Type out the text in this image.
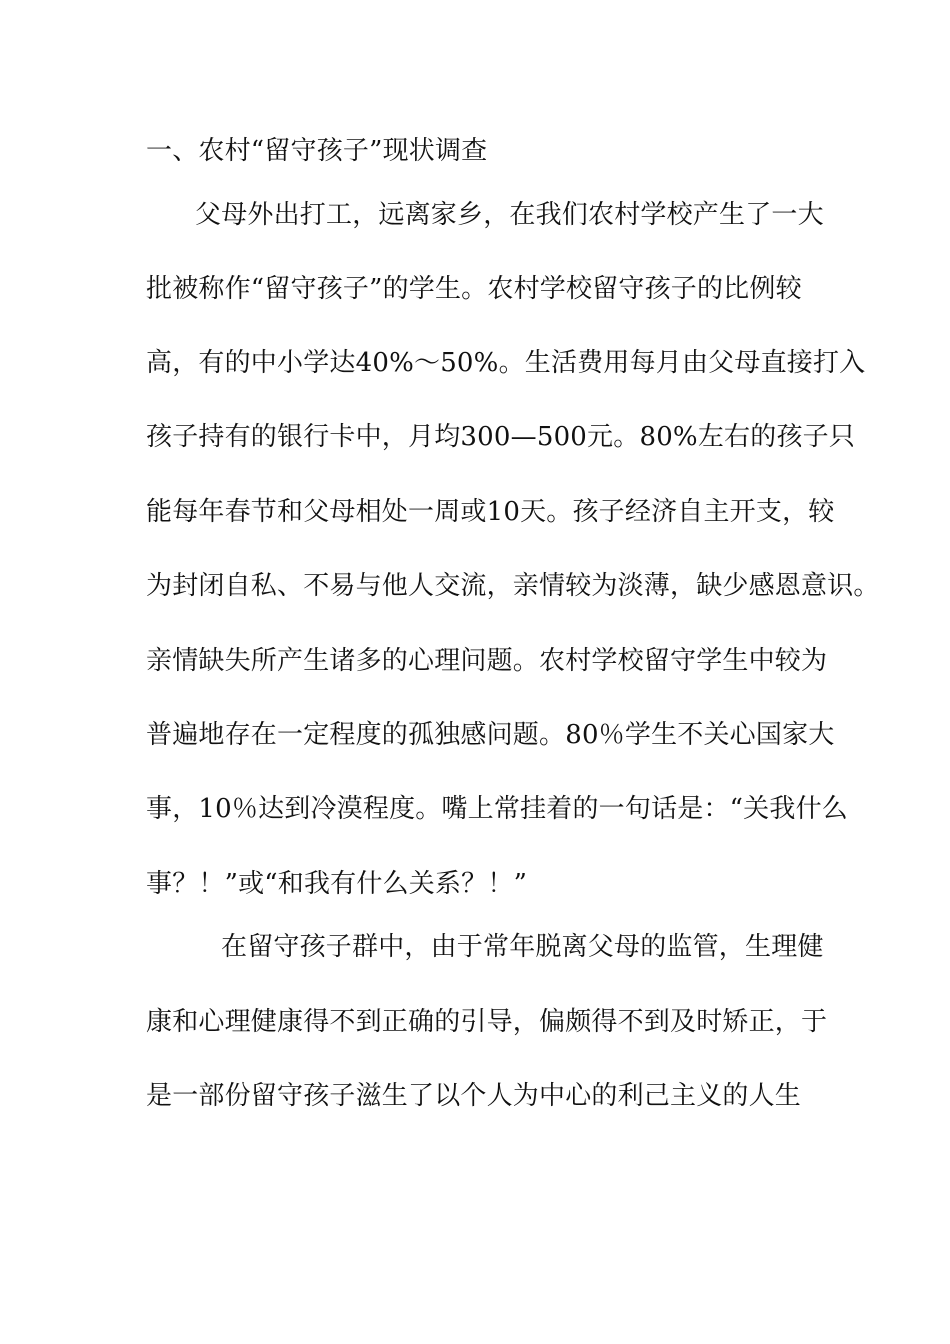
一、农村“留守孩子”现状调查
父母外出打工，远离家乡，在我们农村学校产生了一大
批被称作“留守孩子”的学生。农村学校留守孩子的比例较
高，有的中小学达40%～50%。生活费用每月由父母直接打入
孩子持有的银行卡中，月均300—500元。80%左右的孩子只
能每年春节和父母相处一周或10天。孩子经济自主开支，较
为封闭自私、不易与他人交流，亲情较为淡薄，缺少感恩意识。
亲情缺失所产生诸多的心理问题。农村学校留守学生中较为
普遍地存在一定程度的孤独感问题。80％学生不关心国家大
事，10％达到冷漠程度。嘴上常挂着的一句话是：“关我什么
事？！”或“和我有什么关系？！”
在留守孩子群中，由于常年脱离父母的监管，生理健
康和心理健康得不到正确的引导，偏颇得不到及时矫正，于
是一部份留守孩子滋生了以个人为中心的利己主义的人生
